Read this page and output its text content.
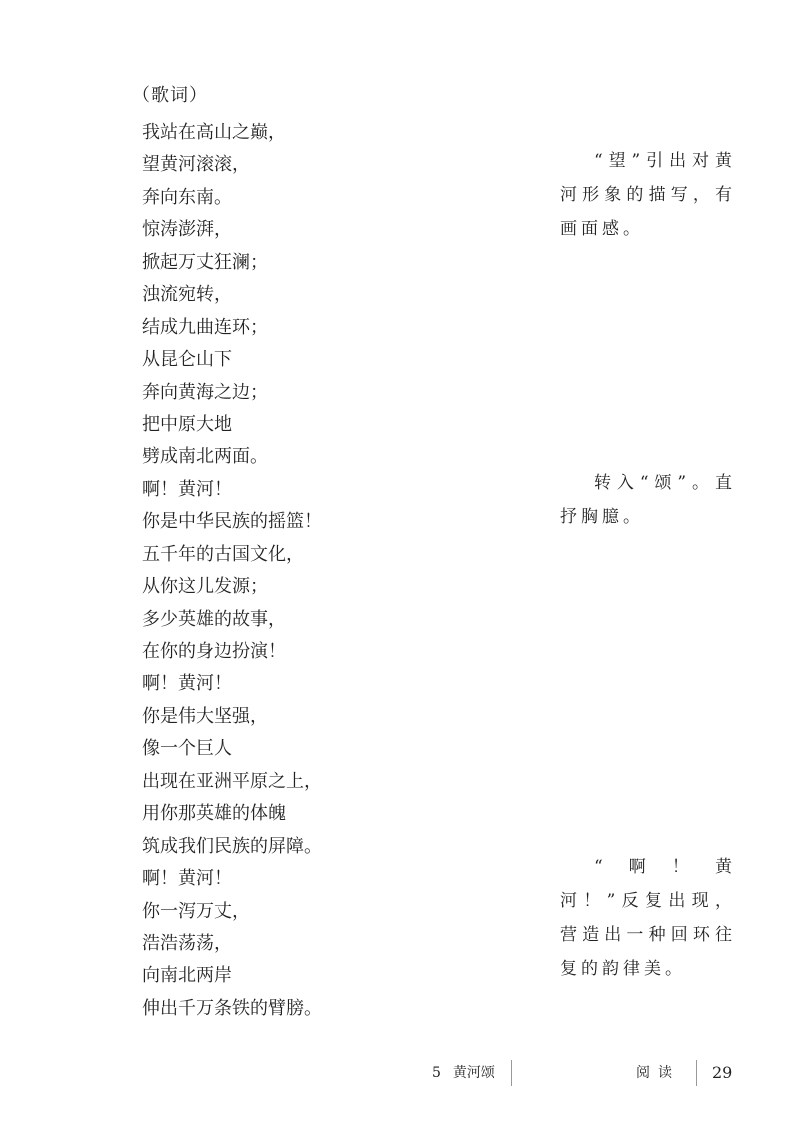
（歌词）
我站在高山之巅，
望黄河滚滚，
奔向东南。
惊涛澎湃，
掀起万丈狂澜；
浊流宛转，
结成九曲连环；
从昆仑山下
奔向黄海之边；
把中原大地
劈成南北两面。
啊！黄河！
你是中华民族的摇篮！
五千年的古国文化，
从你这儿发源；
多少英雄的故事，
在你的身边扮演！
啊！黄河！
你是伟大坚强，
像一个巨人
出现在亚洲平原之上，
用你那英雄的体魄
筑成我们民族的屏障。
啊！黄河！
你一泻万丈，
浩浩荡荡，
向南北两岸
伸出千万条铁的臂膀。
“望”引出对黄河形象的描写，有画面感。
转入“颂”。直抒胸臆。
“啊！黄河！”反复出现，营造出一种回环往复的韵律美。
5 黄河颂	阅读 29
